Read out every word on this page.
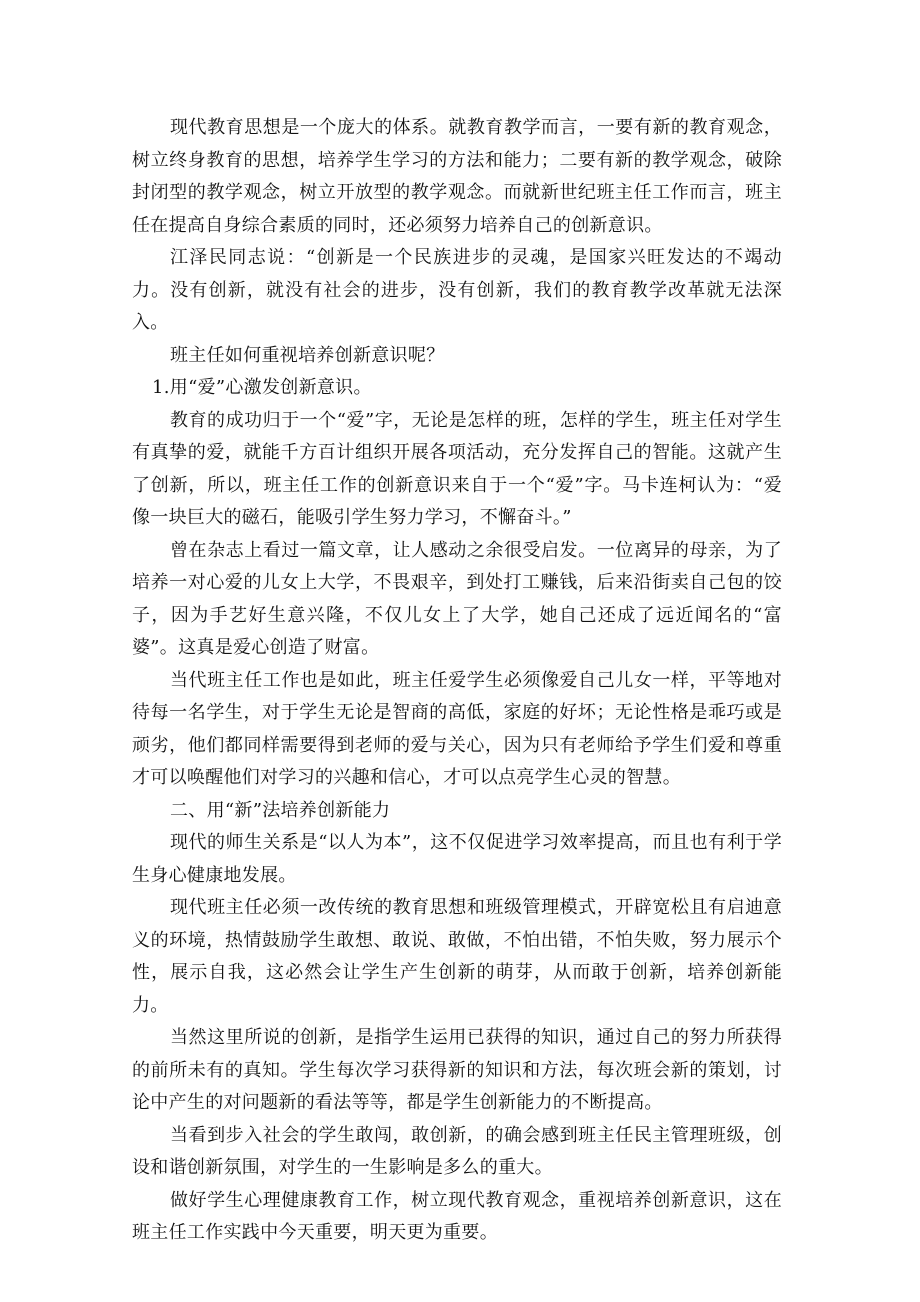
现代教育思想是一个庞大的体系。就教育教学而言，一要有新的教育观念，树立终身教育的思想，培养学生学习的方法和能力；二要有新的教学观念，破除封闭型的教学观念，树立开放型的教学观念。而就新世纪班主任工作而言，班主任在提高自身综合素质的同时，还必须努力培养自己的创新意识。

江泽民同志说：“创新是一个民族进步的灵魂，是国家兴旺发达的不竭动力。没有创新，就没有社会的进步，没有创新，我们的教育教学改革就无法深入。

班主任如何重视培养创新意识呢？

1.用“爱”心激发创新意识。

教育的成功归于一个“爱”字，无论是怎样的班，怎样的学生，班主任对学生有真挚的爱，就能千方百计组织开展各项活动，充分发挥自己的智能。这就产生了创新，所以，班主任工作的创新意识来自于一个“爱”字。马卡连柯认为：“爱像一块巨大的磁石，能吸引学生努力学习，不懈奋斗。”

曾在杂志上看过一篇文章，让人感动之余很受启发。一位离异的母亲，为了培养一对心爱的儿女上大学，不畏艰辛，到处打工赚钱，后来沿街卖自己包的饺子，因为手艺好生意兴隆，不仅儿女上了大学，她自己还成了远近闻名的“富婆”。这真是爱心创造了财富。

当代班主任工作也是如此，班主任爱学生必须像爱自己儿女一样，平等地对待每一名学生，对于学生无论是智商的高低，家庭的好坏；无论性格是乖巧或是顽劣，他们都同样需要得到老师的爱与关心，因为只有老师给予学生们爱和尊重才可以唤醒他们对学习的兴趣和信心，才可以点亮学生心灵的智慧。

二、用“新”法培养创新能力

现代的师生关系是“以人为本”，这不仅促进学习效率提高，而且也有利于学生身心健康地发展。

现代班主任必须一改传统的教育思想和班级管理模式，开辟宽松且有启迪意义的环境，热情鼓励学生敢想、敢说、敢做，不怕出错，不怕失败，努力展示个性，展示自我，这必然会让学生产生创新的萌芽，从而敢于创新，培养创新能力。

当然这里所说的创新，是指学生运用已获得的知识，通过自己的努力所获得的前所未有的真知。学生每次学习获得新的知识和方法，每次班会新的策划，讨论中产生的对问题新的看法等等，都是学生创新能力的不断提高。

当看到步入社会的学生敢闯，敢创新，的确会感到班主任民主管理班级，创设和谐创新氛围，对学生的一生影响是多么的重大。

做好学生心理健康教育工作，树立现代教育观念，重视培养创新意识，这在班主任工作实践中今天重要，明天更为重要。
